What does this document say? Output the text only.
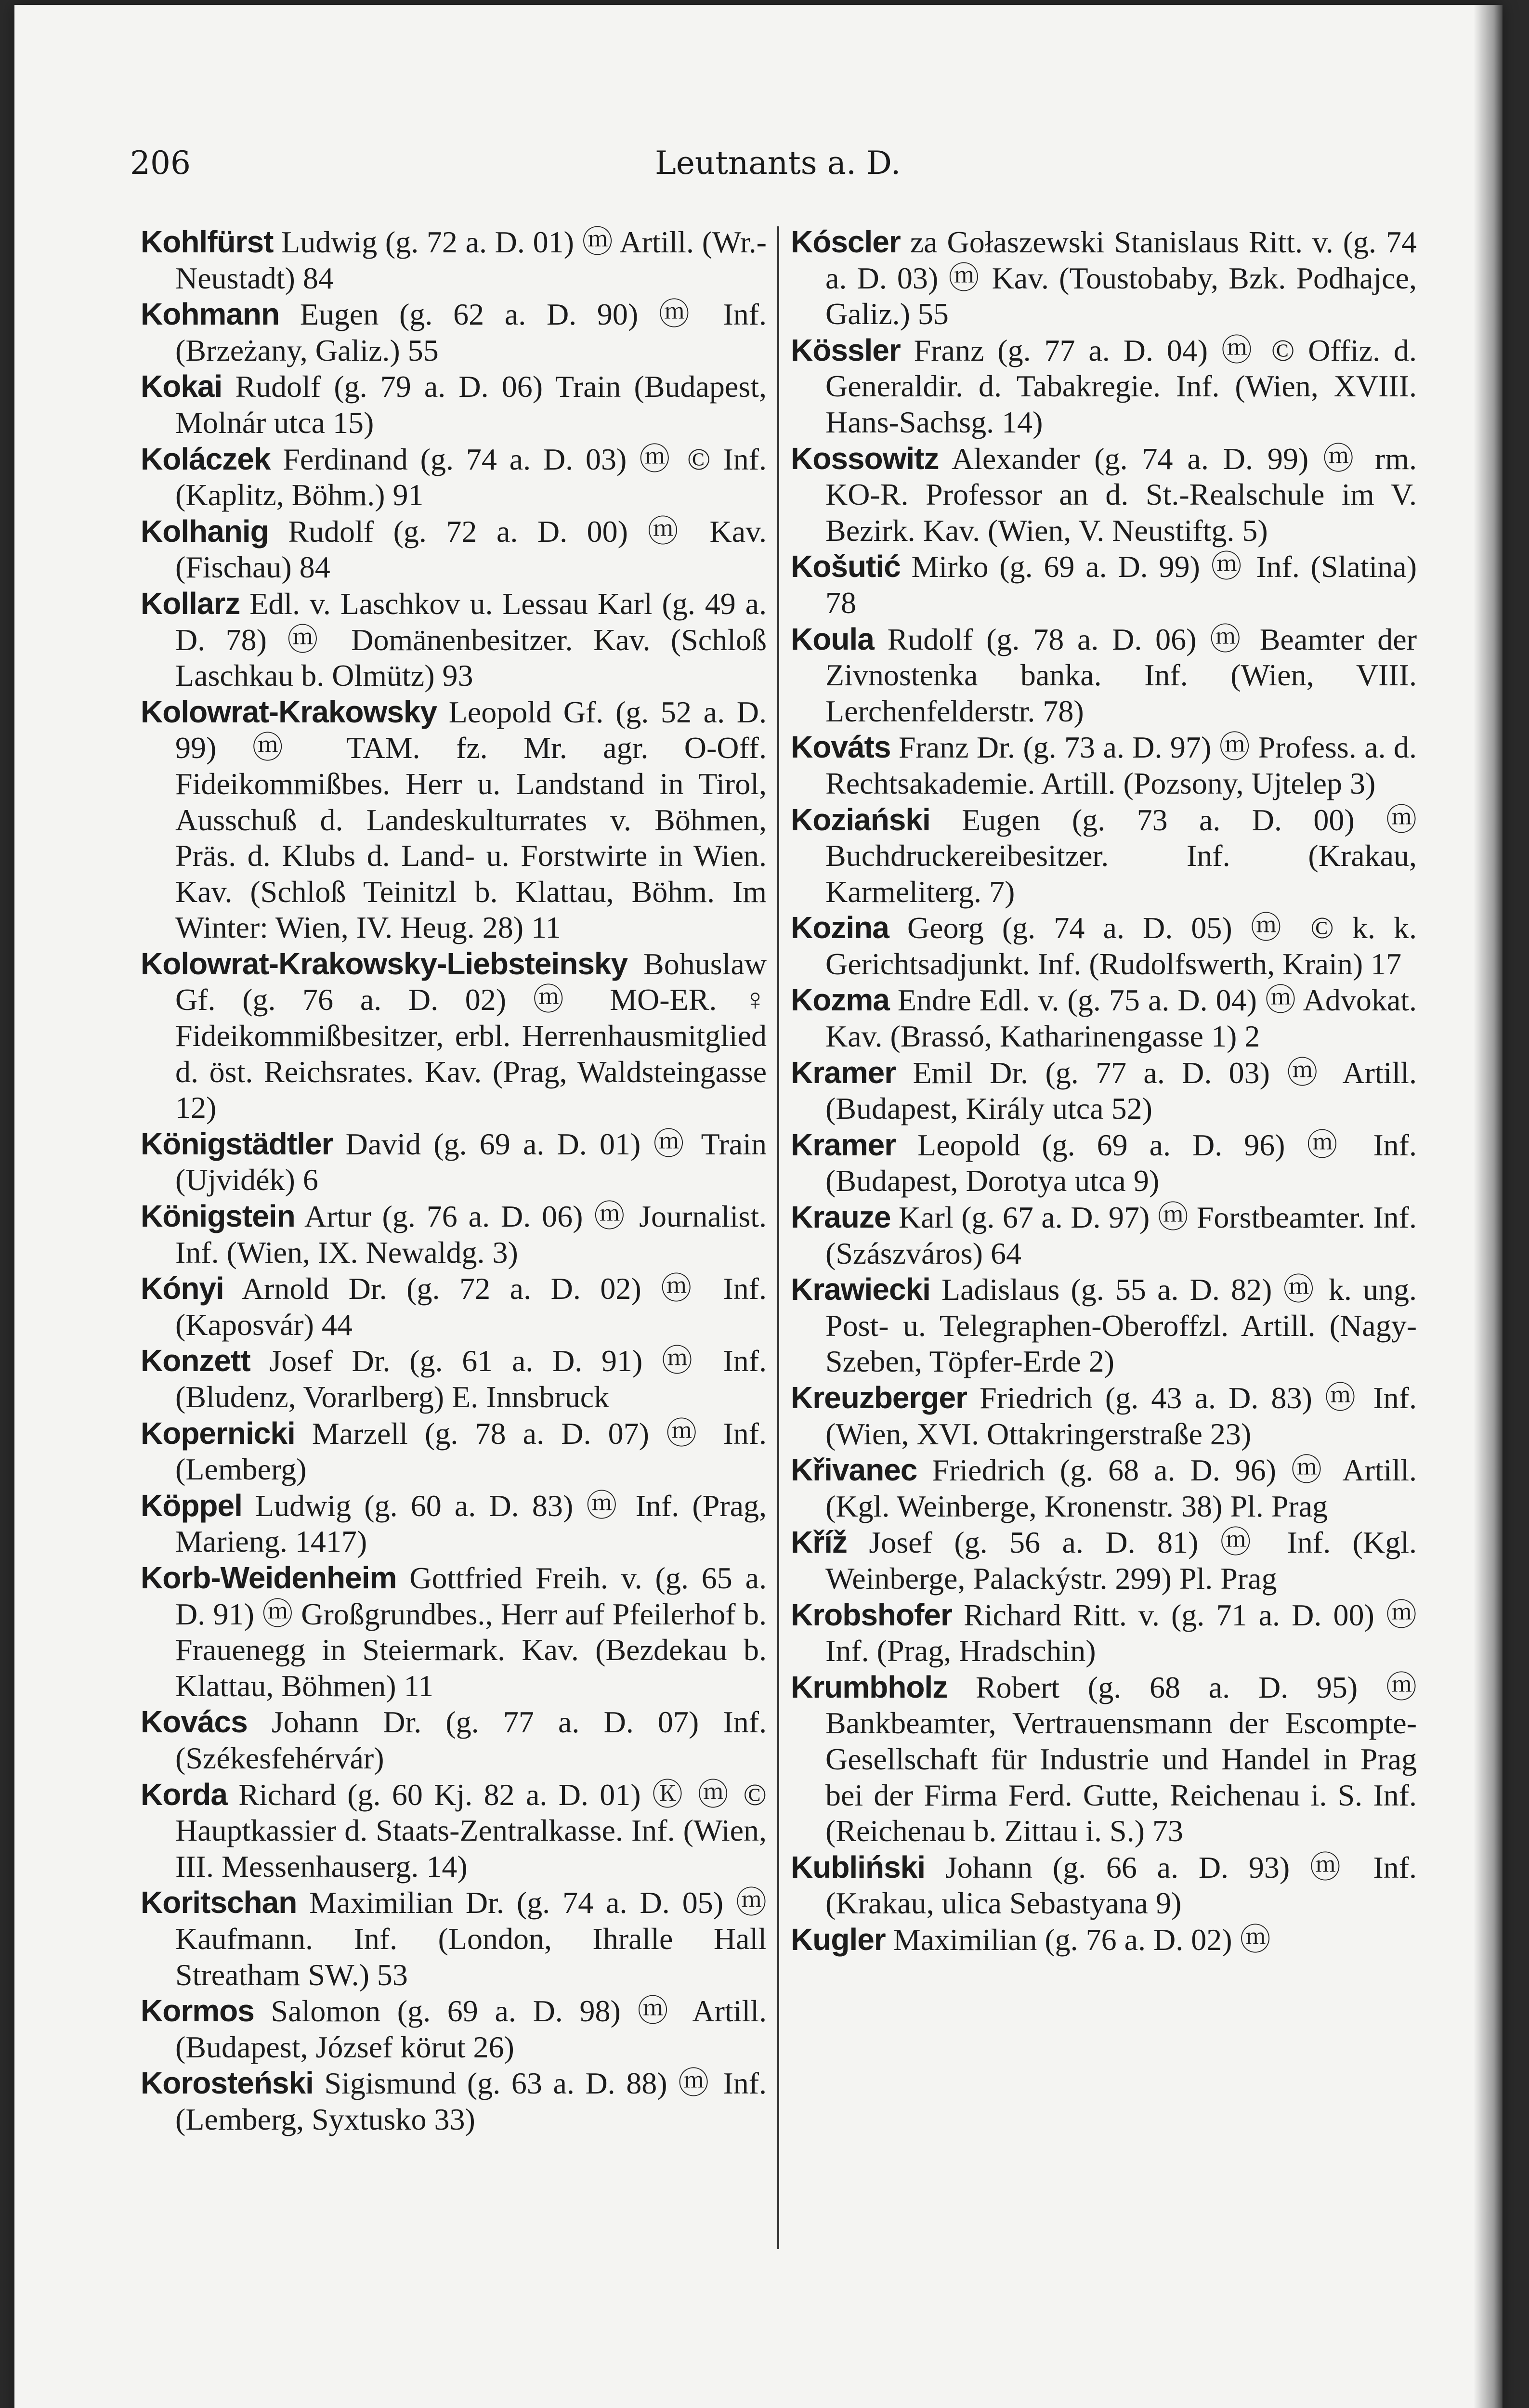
206	Leutnants a. D.

Kohlfürst Ludwig (g. 72 a. D. 01) ⓜ Artill. (Wr.-Neustadt) 84

Kohmann Eugen (g. 62 a. D. 90) ⓜ Inf. (Brzeżany, Galiz.) 55

Kokai Rudolf (g. 79 a. D. 06) Train (Budapest, Molnár utca 15)

Koláczek Ferdinand (g. 74 a. D. 03) ⓜ © Inf. (Kaplitz, Böhm.) 91

Kolhanig Rudolf (g. 72 a. D. 00) ⓜ Kav. (Fischau) 84

Kollarz Edl. v. Laschkov u. Lessau Karl (g. 49 a. D. 78) ⓜ Domänenbesitzer. Kav. (Schloß Laschkau b. Olmütz) 93

Kolowrat-Krakowsky Leopold Gf. (g. 52 a. D. 99) ⓜ TAM. fz. Mr. agr. O-Off. Fideikommißbes. Herr u. Landstand in Tirol, Ausschuß d. Landeskulturrates v. Böhmen, Präs. d. Klubs d. Land- u. Forstwirte in Wien. Kav. (Schloß Teinitzl b. Klattau, Böhm. Im Winter: Wien, IV. Heug. 28) 11

Kolowrat-Krakowsky-Liebsteinsky Bohuslaw Gf. (g. 76 a. D. 02) ⓜ MO-ER. ♀ Fideikommißbesitzer, erbl. Herrenhausmitglied d. öst. Reichsrates. Kav. (Prag, Waldsteingasse 12)

Königstädtler David (g. 69 a. D. 01) ⓜ Train (Ujvidék) 6

Königstein Artur (g. 76 a. D. 06) ⓜ Journalist. Inf. (Wien, IX. Newaldg. 3)

Kónyi Arnold Dr. (g. 72 a. D. 02) ⓜ Inf. (Kaposvár) 44

Konzett Josef Dr. (g. 61 a. D. 91) ⓜ Inf. (Bludenz, Vorarlberg) E. Innsbruck

Kopernicki Marzell (g. 78 a. D. 07) ⓜ Inf. (Lemberg)

Köppel Ludwig (g. 60 a. D. 83) ⓜ Inf. (Prag, Marieng. 1417)

Korb-Weidenheim Gottfried Freih. v. (g. 65 a. D. 91) ⓜ Großgrundbes., Herr auf Pfeilerhof b. Frauenegg in Steiermark. Kav. (Bezdekau b. Klattau, Böhmen) 11

Kovács Johann Dr. (g. 77 a. D. 07) Inf. (Székesfehérvár)

Korda Richard (g. 60 Kj. 82 a. D. 01) Ⓚ ⓜ © Hauptkassier d. Staats-Zentralkasse. Inf. (Wien, III. Messenhauserg. 14)

Koritschan Maximilian Dr. (g. 74 a. D. 05) ⓜ Kaufmann. Inf. (London, Ihralle Hall Streatham SW.) 53

Kormos Salomon (g. 69 a. D. 98) ⓜ Artill. (Budapest, József körut 26)

Korosteński Sigismund (g. 63 a. D. 88) ⓜ Inf. (Lemberg, Syxtusko 33)

Kóscler za Gołaszewski Stanislaus Ritt. v. (g. 74 a. D. 03) ⓜ Kav. (Toustobaby, Bzk. Podhajce, Galiz.) 55

Kössler Franz (g. 77 a. D. 04) ⓜ © Offiz. d. Generaldir. d. Tabakregie. Inf. (Wien, XVIII. Hans-Sachsg. 14)

Kossowitz Alexander (g. 74 a. D. 99) ⓜ rm. KO-R. Professor an d. St.-Realschule im V. Bezirk. Kav. (Wien, V. Neustiftg. 5)

Košutić Mirko (g. 69 a. D. 99) ⓜ Inf. (Slatina) 78

Koula Rudolf (g. 78 a. D. 06) ⓜ Beamter der Zivnostenka banka. Inf. (Wien, VIII. Lerchenfelderstr. 78)

Kováts Franz Dr. (g. 73 a. D. 97) ⓜ Profess. a. d. Rechtsakademie. Artill. (Pozsony, Ujtelep 3)

Koziański Eugen (g. 73 a. D. 00) ⓜ Buchdruckereibesitzer. Inf. (Krakau, Karmeliterg. 7)

Kozina Georg (g. 74 a. D. 05) ⓜ © k. k. Gerichtsadjunkt. Inf. (Rudolfswerth, Krain) 17

Kozma Endre Edl. v. (g. 75 a. D. 04) ⓜ Advokat. Kav. (Brassó, Katharinengasse 1) 2

Kramer Emil Dr. (g. 77 a. D. 03) ⓜ Artill. (Budapest, Király utca 52)

Kramer Leopold (g. 69 a. D. 96) ⓜ Inf. (Budapest, Dorotya utca 9)

Krauze Karl (g. 67 a. D. 97) ⓜ Forstbeamter. Inf. (Szászváros) 64

Krawiecki Ladislaus (g. 55 a. D. 82) ⓜ k. ung. Post- u. Telegraphen-Oberoffzl. Artill. (Nagy-Szeben, Töpfer-Erde 2)

Kreuzberger Friedrich (g. 43 a. D. 83) ⓜ Inf. (Wien, XVI. Ottakringerstraße 23)

Křivanec Friedrich (g. 68 a. D. 96) ⓜ Artill. (Kgl. Weinberge, Kronenstr. 38) Pl. Prag

Kříž Josef (g. 56 a. D. 81) ⓜ Inf. (Kgl. Weinberge, Palackýstr. 299) Pl. Prag

Krobshofer Richard Ritt. v. (g. 71 a. D. 00) ⓜ Inf. (Prag, Hradschin)

Krumbholz Robert (g. 68 a. D. 95) ⓜ Bankbeamter, Vertrauensmann der Escompte-Gesellschaft für Industrie und Handel in Prag bei der Firma Ferd. Gutte, Reichenau i. S. Inf. (Reichenau b. Zittau i. S.) 73

Kubliński Johann (g. 66 a. D. 93) ⓜ Inf. (Krakau, ulica Sebastyana 9)

Kugler Maximilian (g. 76 a. D. 02) ⓜ
